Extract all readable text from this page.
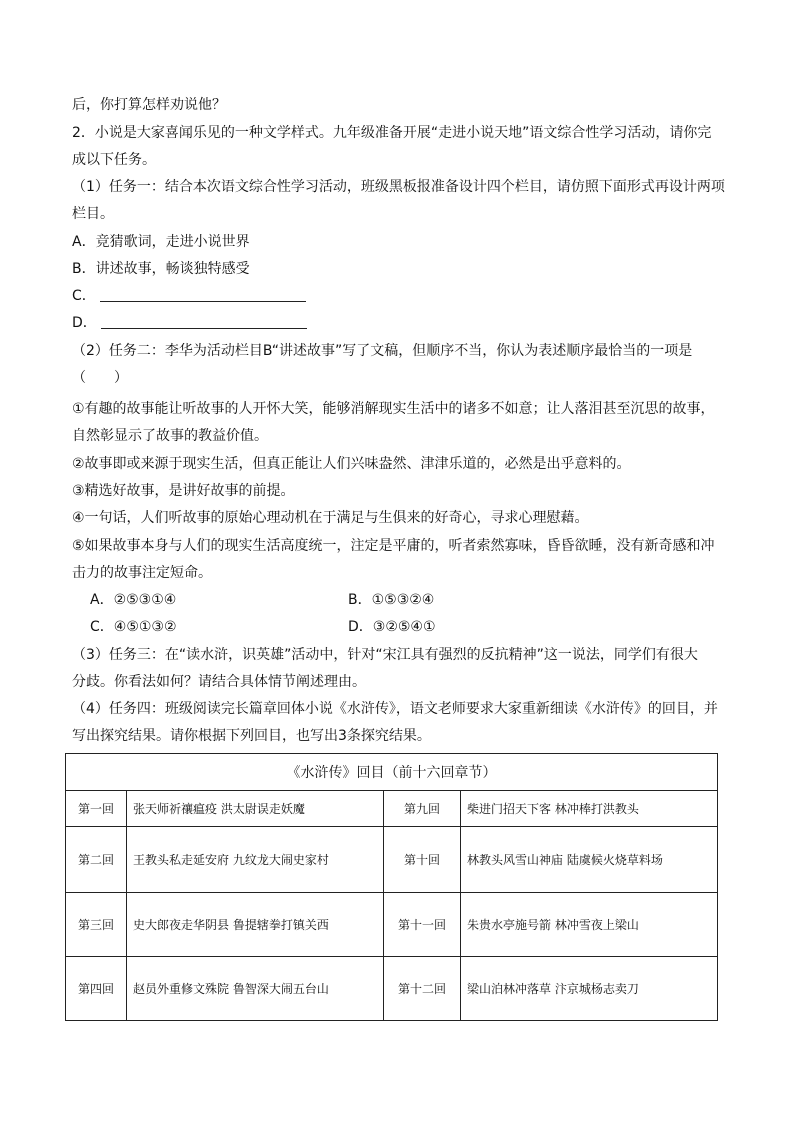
后，你打算怎样劝说他？
2．小说是大家喜闻乐见的一种文学样式。九年级准备开展“走进小说天地”语文综合性学习活动，请你完
成以下任务。
（1）任务一：结合本次语文综合性学习活动，班级黑板报准备设计四个栏目，请仿照下面形式再设计两项
栏目。
A．竞猜歌词，走进小说世界
B．讲述故事，畅谈独特感受
C．
D．
（2）任务二：李华为活动栏目B“讲述故事”写了文稿，但顺序不当，你认为表述顺序最恰当的一项是
（　　）
①有趣的故事能让听故事的人开怀大笑，能够消解现实生活中的诸多不如意；让人落泪甚至沉思的故事，
自然彰显示了故事的教益价值。
②故事即或来源于现实生活，但真正能让人们兴味盎然、津津乐道的，必然是出乎意料的。
③精选好故事，是讲好故事的前提。
④一句话，人们听故事的原始心理动机在于满足与生俱来的好奇心，寻求心理慰藉。
⑤如果故事本身与人们的现实生活高度统一，注定是平庸的，听者索然寡味，昏昏欲睡，没有新奇感和冲
击力的故事注定短命。
A．②⑤③①④	B．①⑤③②④
C．④⑤①③②	D．③②⑤④①
（3）任务三：在“读水浒，识英雄”活动中，针对“宋江具有强烈的反抗精神”这一说法，同学们有很大
分歧。你看法如何？请结合具体情节阐述理由。
（4）任务四：班级阅读完长篇章回体小说《水浒传》，语文老师要求大家重新细读《水浒传》的回目，并
写出探究结果。请你根据下列回目，也写出3条探究结果。
《水浒传》回目（前十六回章节）			
第一回	张天师祈禳瘟疫 洪太尉误走妖魔	第九回	柴进门招天下客 林冲棒打洪教头
第二回	王教头私走延安府 九纹龙大闹史家村	第十回	林教头风雪山神庙 陆虞候火烧草料场
第三回	史大郎夜走华阴县 鲁提辖拳打镇关西	第十一回	朱贵水亭施号箭 林冲雪夜上梁山
第四回	赵员外重修文殊院 鲁智深大闹五台山	第十二回	梁山泊林冲落草 汴京城杨志卖刀
